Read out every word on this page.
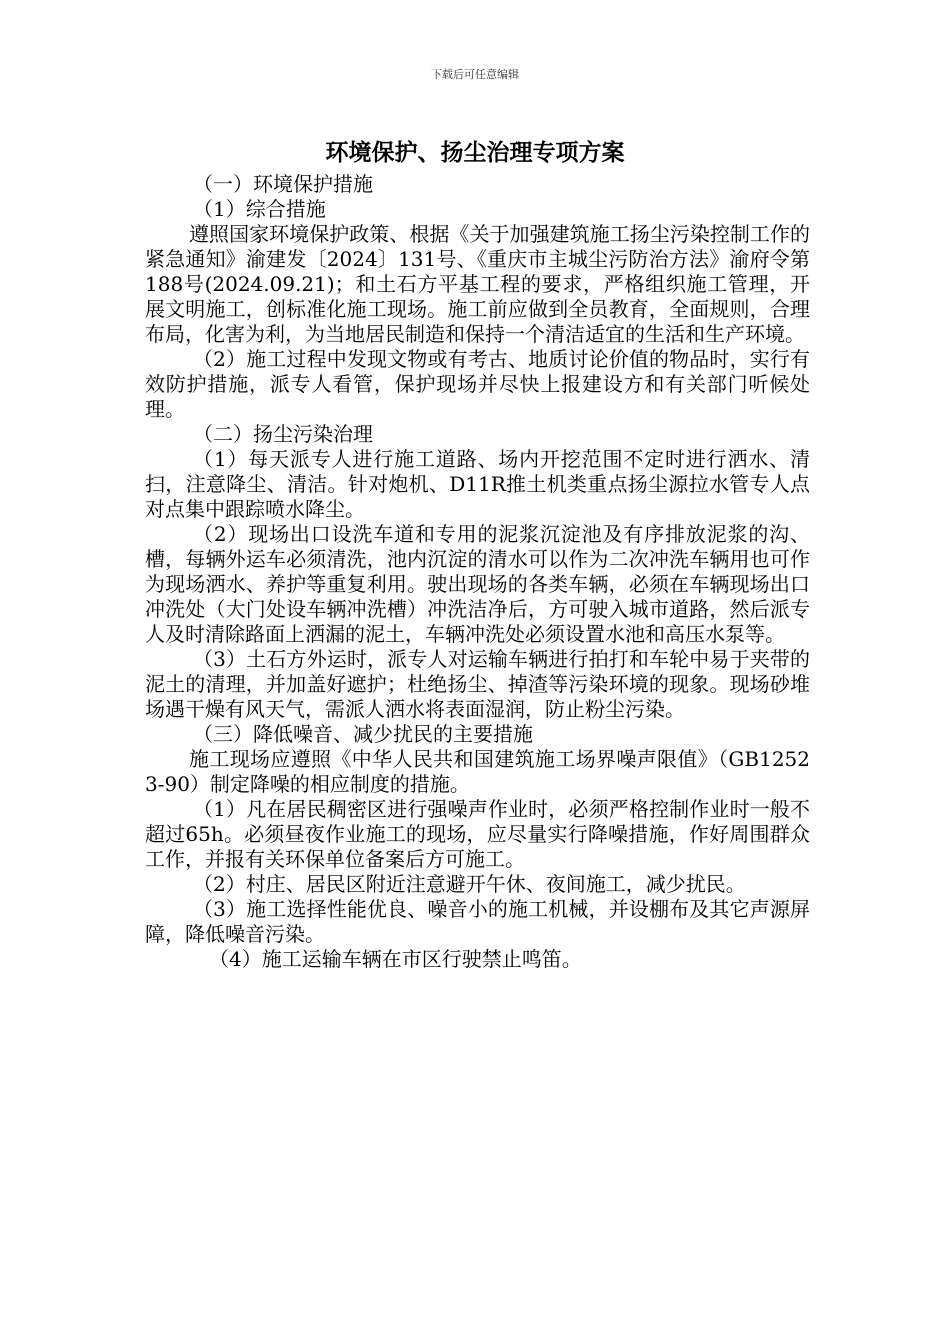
下载后可任意编辑
环境保护、扬尘治理专项方案

（一）环境保护措施

（1）综合措施

遵照国家环境保护政策、根据《关于加强建筑施工扬尘污染控制工作的紧急通知》渝建发〔2024〕131号、《重庆市主城尘污防治方法》渝府令第188号(2024.09.21)；和土石方平基工程的要求，严格组织施工管理，开展文明施工，创标准化施工现场。施工前应做到全员教育，全面规则，合理布局，化害为利，为当地居民制造和保持一个清洁适宜的生活和生产环境。

（2）施工过程中发现文物或有考古、地质讨论价值的物品时，实行有效防护措施，派专人看管，保护现场并尽快上报建设方和有关部门听候处理。

（二）扬尘污染治理

（1）每天派专人进行施工道路、场内开挖范围不定时进行洒水、清扫，注意降尘、清洁。针对炮机、D11R推土机类重点扬尘源拉水管专人点对点集中跟踪喷水降尘。

（2）现场出口设洗车道和专用的泥浆沉淀池及有序排放泥浆的沟、槽，每辆外运车必须清洗，池内沉淀的清水可以作为二次冲洗车辆用也可作为现场洒水、养护等重复利用。驶出现场的各类车辆，必须在车辆现场出口冲洗处（大门处设车辆冲洗槽）冲洗洁净后，方可驶入城市道路，然后派专人及时清除路面上洒漏的泥土，车辆冲洗处必须设置水池和高压水泵等。

（3）土石方外运时，派专人对运输车辆进行拍打和车轮中易于夹带的泥土的清理，并加盖好遮护；杜绝扬尘、掉渣等污染环境的现象。现场砂堆场遇干燥有风天气，需派人洒水将表面湿润，防止粉尘污染。

（三）降低噪音、减少扰民的主要措施

施工现场应遵照《中华人民共和国建筑施工场界噪声限值》（GB12523-90）制定降噪的相应制度的措施。

（1）凡在居民稠密区进行强噪声作业时，必须严格控制作业时一般不超过65h。必须昼夜作业施工的现场，应尽量实行降噪措施，作好周围群众工作，并报有关环保单位备案后方可施工。

（2）村庄、居民区附近注意避开午休、夜间施工，减少扰民。

（3）施工选择性能优良、噪音小的施工机械，并设棚布及其它声源屏障，降低噪音污染。

（4）施工运输车辆在市区行驶禁止鸣笛。
